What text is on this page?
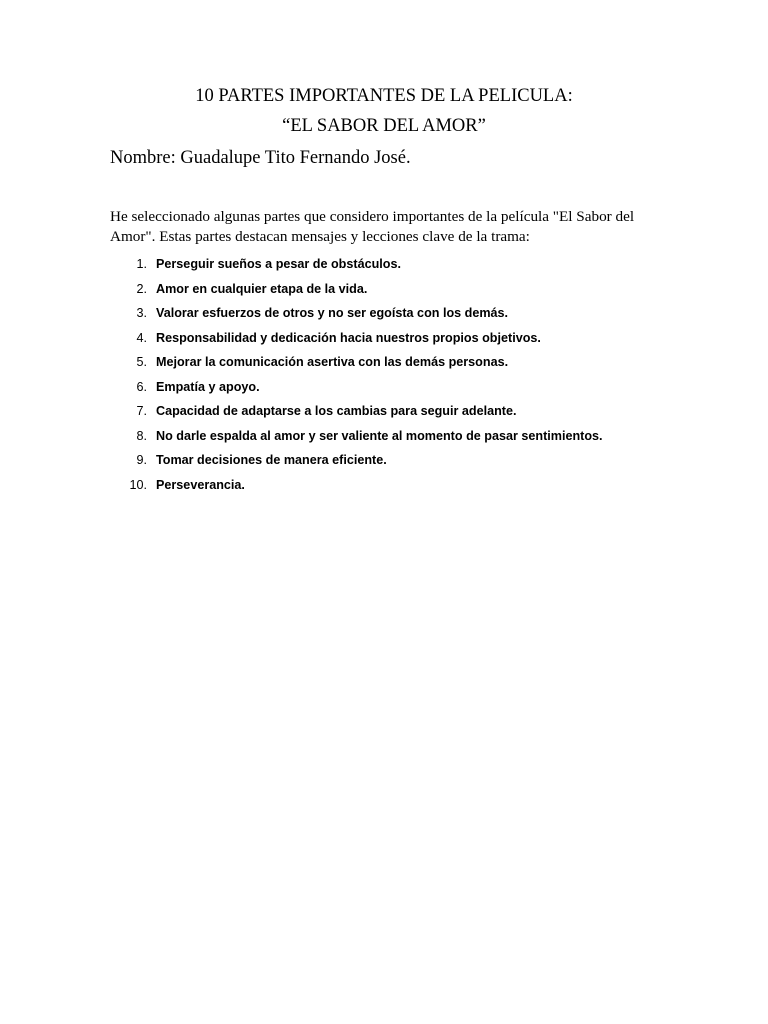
10 PARTES IMPORTANTES DE LA PELICULA:
“EL SABOR DEL AMOR”
Nombre: Guadalupe Tito Fernando José.
He seleccionado algunas partes que considero importantes de la película "El Sabor del Amor". Estas partes destacan mensajes y lecciones clave de la trama:
1. Perseguir sueños a pesar de obstáculos.
2. Amor en cualquier etapa de la vida.
3. Valorar esfuerzos de otros y no ser egoísta con los demás.
4. Responsabilidad y dedicación hacia nuestros propios objetivos.
5. Mejorar la comunicación asertiva con las demás personas.
6. Empatía y apoyo.
7. Capacidad de adaptarse a los cambias para seguir adelante.
8. No darle espalda al amor y ser valiente al momento de pasar sentimientos.
9. Tomar decisiones de manera eficiente.
10. Perseverancia.
